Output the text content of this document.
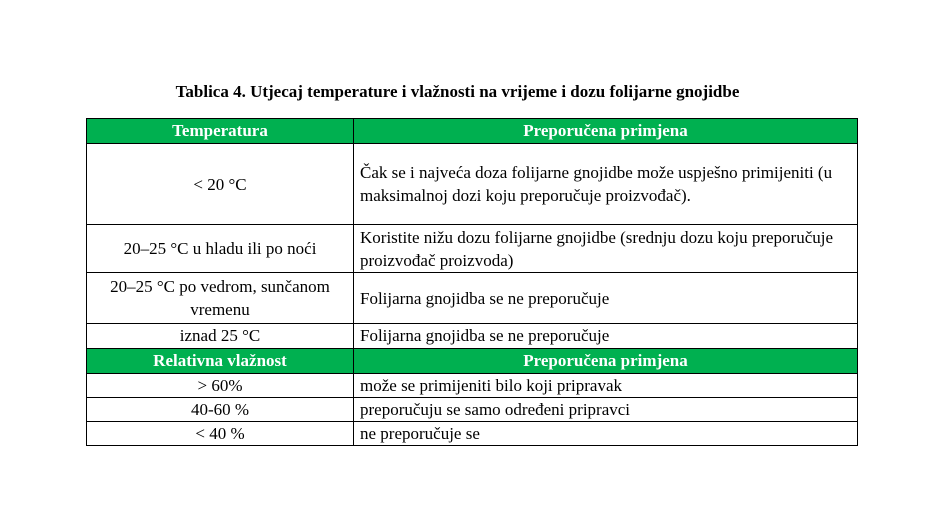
Tablica 4. Utjecaj temperature i vlažnosti na vrijeme i dozu folijarne gnojidbe
Temperatura	Preporučena primjena
< 20 °C	Čak se i najveća doza folijarne gnojidbe može uspješno primijeniti (u maksimalnoj dozi koju preporučuje proizvođač).
20–25 °C u hladu ili po noći	Koristite nižu dozu folijarne gnojidbe (srednju dozu koju preporučuje proizvođač proizvoda)
20–25 °C po vedrom, sunčanom vremenu	Folijarna gnojidba se ne preporučuje
iznad 25 °C	Folijarna gnojidba se ne preporučuje
Relativna vlažnost	Preporučena primjena
> 60%	može se primijeniti bilo koji pripravak
40-60 %	preporučuju se samo određeni pripravci
< 40 %	ne preporučuje se
